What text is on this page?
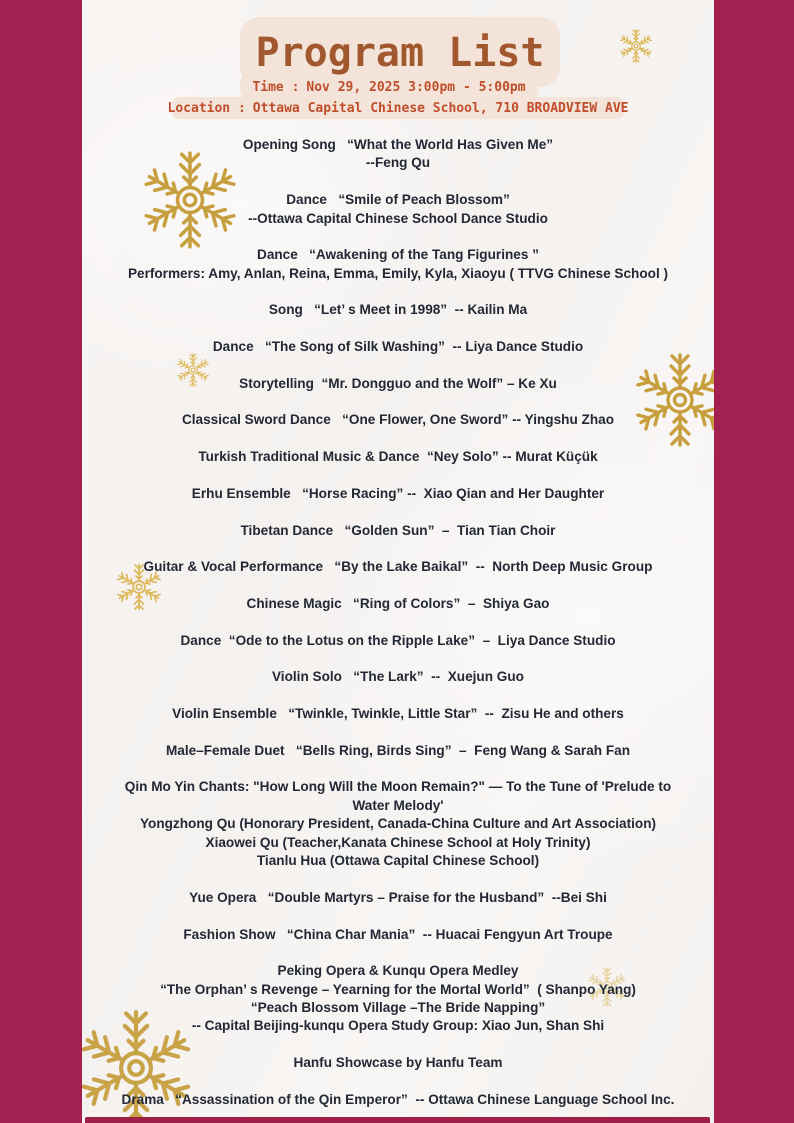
Program List
Time : Nov 29, 2025 3:00pm - 5:00pm
Location : Ottawa Capital Chinese School, 710 BROADVIEW AVE
Opening Song   “What the World Has Given Me”
--Feng Qu
Dance   “Smile of Peach Blossom”
--Ottawa Capital Chinese School Dance Studio
Dance   “Awakening of the Tang Figurines ”
Performers: Amy, Anlan, Reina, Emma, Emily, Kyla, Xiaoyu ( TTVG Chinese School )
Song   “Let’ s Meet in 1998”  -- Kailin Ma
Dance   “The Song of Silk Washing”  -- Liya Dance Studio
Storytelling  “Mr. Dongguo and the Wolf” – Ke Xu
Classical Sword Dance   “One Flower, One Sword” -- Yingshu Zhao
Turkish Traditional Music & Dance  “Ney Solo” -- Murat Küçük
Erhu Ensemble   “Horse Racing” --  Xiao Qian and Her Daughter
Tibetan Dance   “Golden Sun”  –  Tian Tian Choir
Guitar & Vocal Performance   “By the Lake Baikal”  --  North Deep Music Group
Chinese Magic   “Ring of Colors”  –  Shiya Gao
Dance  “Ode to the Lotus on the Ripple Lake”  –  Liya Dance Studio
Violin Solo   “The Lark”  --  Xuejun Guo
Violin Ensemble   “Twinkle, Twinkle, Little Star”  --  Zisu He and others
Male–Female Duet   “Bells Ring, Birds Sing”  –  Feng Wang & Sarah Fan
Qin Mo Yin Chants: "How Long Will the Moon Remain?" — To the Tune of 'Prelude to
Water Melody'
Yongzhong Qu (Honorary President, Canada-China Culture and Art Association)
Xiaowei Qu (Teacher,Kanata Chinese School at Holy Trinity)
Tianlu Hua (Ottawa Capital Chinese School)
Yue Opera   “Double Martyrs – Praise for the Husband”  --Bei Shi
Fashion Show   “China Char Mania”  -- Huacai Fengyun Art Troupe
Peking Opera & Kunqu Opera Medley
“The Orphan’ s Revenge – Yearning for the Mortal World”  ( Shanpo Yang)
“Peach Blossom Village –The Bride Napping”
-- Capital Beijing-kunqu Opera Study Group: Xiao Jun, Shan Shi
Hanfu Showcase by Hanfu Team
Drama   “Assassination of the Qin Emperor”  -- Ottawa Chinese Language School Inc.
